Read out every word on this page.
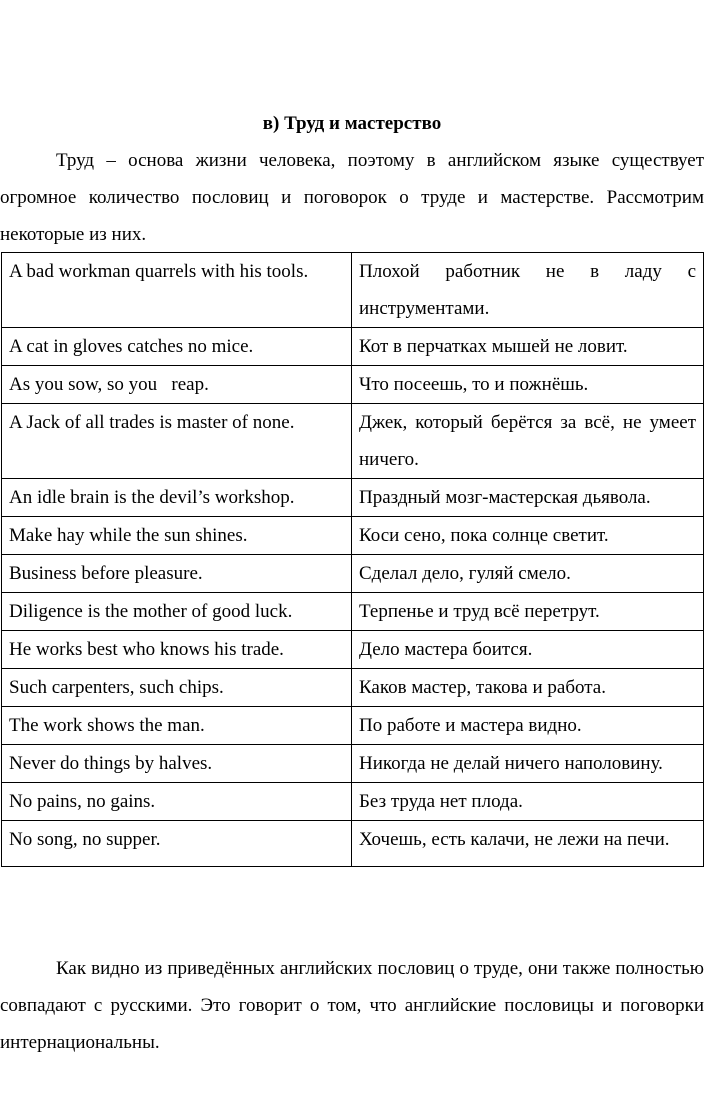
в) Труд и мастерство
Труд – основа жизни человека, поэтому в английском языке существует огромное количество пословиц и поговорок о труде и мастерстве. Рассмотрим некоторые из них.
A bad workman quarrels with his tools.	Плохой работник не в ладу с инструментами.
A cat in gloves catches no mice.	Кот в перчатках мышей не ловит.
As you sow, so you   reap.	Что посеешь, то и пожнёшь.
A Jack of all trades is master of none.	Джек, который берётся за всё, не умеет ничего.
An idle brain is the devil’s workshop.	Праздный мозг-мастерская дьявола.
Make hay while the sun shines.	Коси сено, пока солнце светит.
Business before pleasure.	Сделал дело, гуляй смело.
Diligence is the mother of good luck.	Терпенье и труд всё перетрут.
He works best who knows his trade.	Дело мастера боится.
Such carpenters, such chips.	Каков мастер, такова и работа.
The work shows the man.	По работе и мастера видно.
Never do things by halves.	Никогда не делай ничего наполовину.
No pains, no gains.	Без труда нет плода.
No song, no supper.	Хочешь, есть калачи, не лежи на печи.
Как видно из приведённых английских пословиц о труде, они также полностью совпадают с русскими. Это говорит о том, что английские пословицы и поговорки интернациональны.
